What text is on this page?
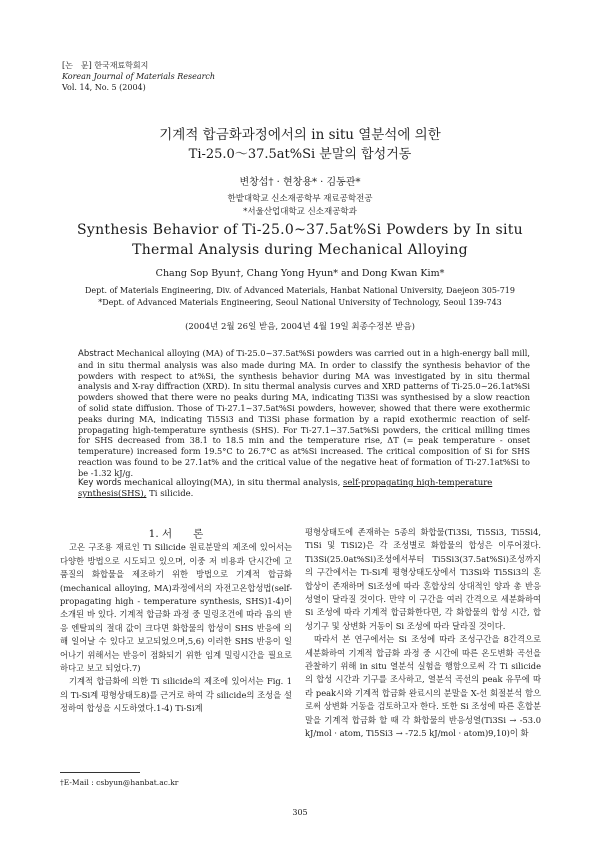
[논　문] 한국재료학회지
Korean Journal of Materials Research
Vol. 14, No. 5 (2004)
기계적 합금화과정에서의 in situ 열분석에 의한
Ti-25.0～37.5at%Si 분말의 합성거동
변창섭† · 현창용* · 김동관*
한밭대학교 신소재공학부 재료공학전공
*서울산업대학교 신소재공학과
Synthesis Behavior of Ti-25.0~37.5at%Si Powders by In situ
Thermal Analysis during Mechanical Alloying
Chang Sop Byun†, Chang Yong Hyun* and Dong Kwan Kim*
Dept. of Materials Engineering, Div. of Advanced Materials, Hanbat National University, Daejeon 305-719
*Dept. of Advanced Materials Engineering, Seoul National University of Technology, Seoul 139-743
(2004년 2월 26일 받음, 2004년 4월 19일 최종수정본 받음)
Abstract Mechanical alloying (MA) of Ti-25.0~37.5at%Si powders was carried out in a high-energy ball mill, and in situ thermal analysis was also made during MA. In order to classify the synthesis behavior of the powders with respect to at%Si, the synthesis behavior during MA was investigated by in situ thermal analysis and X-ray diffraction (XRD). In situ thermal analysis curves and XRD patterns of Ti-25.0~26.1at%Si powders showed that there were no peaks during MA, indicating Ti3Si was synthesised by a slow reaction of solid state diffusion. Those of Ti-27.1~37.5at%Si powders, however, showed that there were exothermic peaks during MA, indicating Ti5Si3 and Ti3Si phase formation by a rapid exothermic reaction of self-propagating high-temperature synthesis (SHS). For Ti-27.1~37.5at%Si powders, the critical milling times for SHS decreased from 38.1 to 18.5 min and the temperature rise, ΔT (= peak temperature - onset temperature) increased form 19.5°C to 26.7°C as at%Si increased. The critical composition of Si for SHS reaction was found to be 27.1at% and the critical value of the negative heat of formation of Ti-27.1at%Si to be -1.32 kJ/g.
Key words mechanical alloying(MA), in situ thermal analysis, self-propagating high-temperature synthesis(SHS), Ti silicide.

1. 서　　론

고온 구조용 재료인 Ti Silicide 원료분말의 제조에 있어서는 다양한 방법으로 시도되고 있으며, 이중 저 비용과 단시간에 고품질의 화합물을 제조하기 위한 방법으로 기계적 합금화(mechanical alloying, MA)과정에서의 자전고온합성법(self-propagating high - temperature synthesis, SHS)1-4)이 소개된 바 있다. 기계적 합금화 과정 중 밀링조건에 따라 음의 반응 엔탈피의 절대 값이 크다면 화합물의 합성이 SHS 반응에 의해 일어날 수 있다고 보고되었으며,5,6) 이러한 SHS 반응이 일어나기 위해서는 반응이 점화되기 위한 임계 밀링시간을 필요로 하다고 보고 되었다.7)

기계적 합금화에 의한 Ti silicide의 제조에 있어서는 Fig. 1의 Ti-Si계 평형상태도8)를 근거로 하여 각 silicide의 조성을 설정하여 합성을 시도하였다.1-4) Ti-Si계

평형상태도에 존재하는 5종의 화합물(Ti3Si, Ti5Si3, Ti5Si4, TiSi 및 TiSi2)은 각 조성별로 화합물의 합성은 이루어졌다. Ti3Si(25.0at%Si)조성에서부터 Ti5Si3(37.5at%Si)조성까지의 구간에서는 Ti-Si계 평형상태도상에서 Ti3Si와 Ti5Si3의 혼합상이 존재하며 Si조성에 따라 혼합상의 상대적인 양과 총 반응성열이 달라질 것이다. 만약 이 구간을 여러 간격으로 세분화하여 Si 조성에 따라 기계적 합금화한다면, 각 화합물의 합성 시간, 합성기구 및 상변화 거동이 Si 조성에 따라 달라질 것이다.

따라서 본 연구에서는 Si 조성에 따라 조성구간을 8간격으로 세분화하여 기계적 합금화 과정 중 시간에 따른 온도변화 곡선을 관찰하기 위해 in situ 열분석 실험을 행함으로써 각 Ti silicide의 합성 시간과 기구를 조사하고, 열분석 곡선의 peak 유무에 따라 peak시와 기계적 합금화 완료시의 분말을 X-선 회절분석 함으로써 상변화 거동을 검토하고자 한다. 또한 Si 조성에 따른 혼합분말을 기계적 합금화 할 때 각 화합물의 반응성열(Ti3Si → -53.0 kJ/mol · atom, Ti5Si3 → -72.5 kJ/mol · atom)9,10)이 화

†E-Mail : csbyun@hanbat.ac.kr
305
